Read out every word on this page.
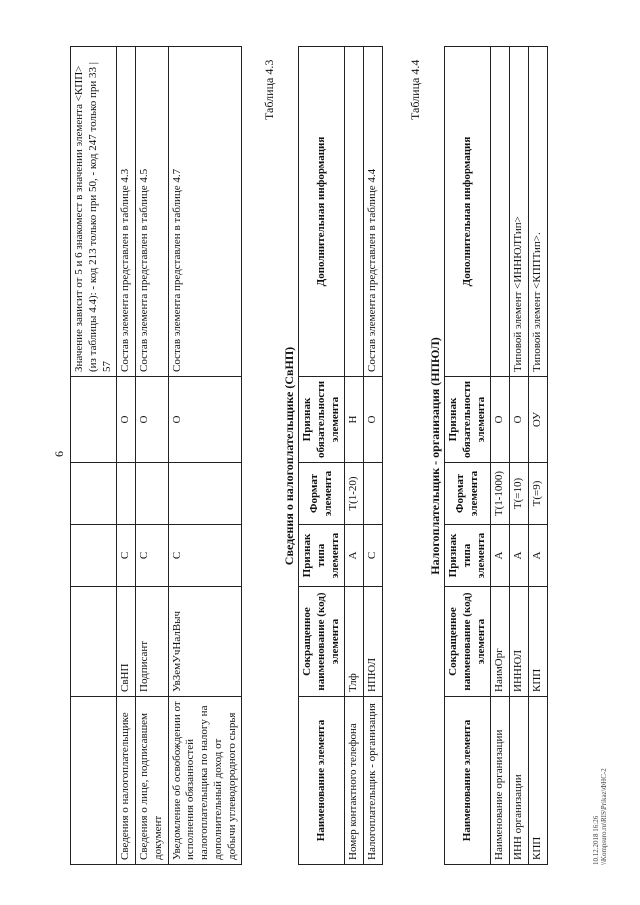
6
					Значение зависит от 5 и 6 знакомест в значении элемента <КПП> (из таблицы 4.4): - код 213 только при 50, - код 247 только при 33 | 57
Сведения о налогоплательщике	СвНП	С		О	Состав элемента представлен в таблице 4.3
Сведения о лице, подписавшем документ	Подписант	С		О	Состав элемента представлен в таблице 4.5
Уведомление об освобождении от исполнения обязанностей налогоплательщика по налогу на дополнительный доход от добычи углеводородного сырья	УвЗемУчНалВыч	С		О	Состав элемента представлен в таблице 4.7
Таблица 4.3
Сведения о налогоплательщике (СвНП)
Наименование элемента	Сокращенное наименование (код) элемента	Признак типа элемента	Формат элемента	Признак обязательности элемента	Дополнительная информация
Номер контактного телефона	Тлф	А	T(1-20)	Н	
Налогоплательщик - организация	НПЮЛ	С		О	Состав элемента представлен в таблице 4.4
Таблица 4.4
Налогоплательщик - организация (НПЮЛ)
Наименование элемента	Сокращенное наименование (код) элемента	Признак типа элемента	Формат элемента	Признак обязательности элемента	Дополнительная информация
Наименование организации	НаимОрг	А	T(1-1000)	О	
ИНН организации	ИННЮЛ	А	T(=10)	О	Типовой элемент <ИННЮЛТип>
КПП	КПП	А	T(=9)	ОУ	Типовой элемент <КППТип>.
10.12.2018 16:26 \\Kompsuro.ru\RIS\Prikaz\ФНС-2
